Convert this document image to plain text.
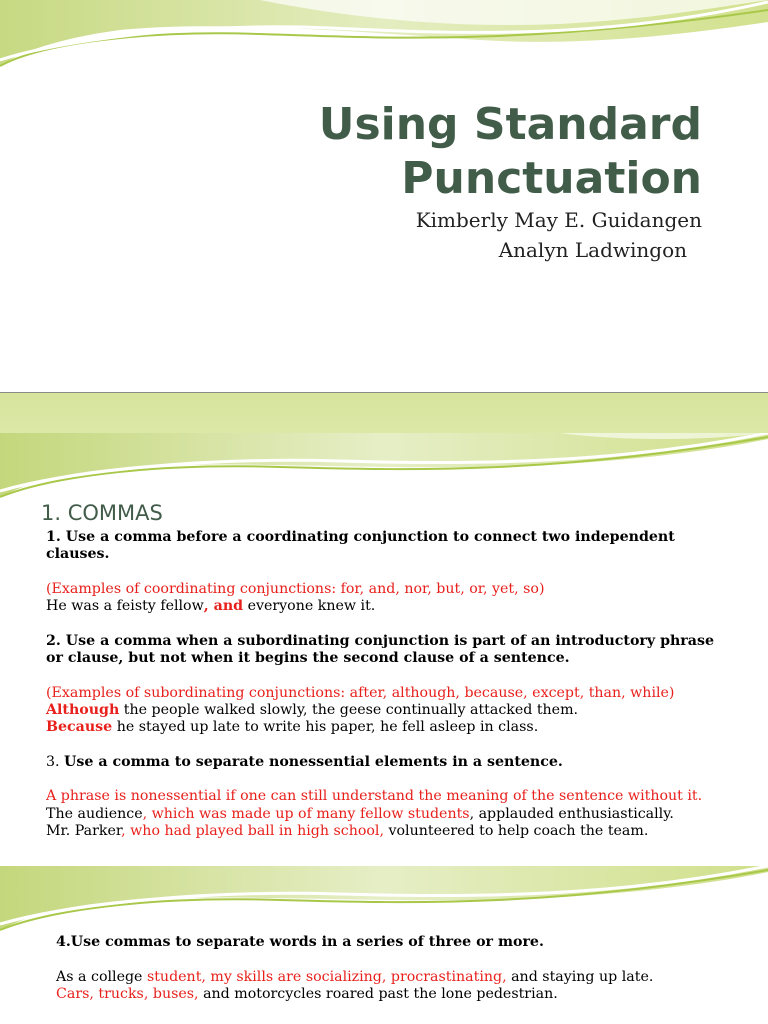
Using Standard
Punctuation
Kimberly May E. Guidangen
Analyn Ladwingon
1. COMMAS

1. Use a comma before a coordinating conjunction to connect two independent clauses.

(Examples of coordinating conjunctions: for, and, nor, but, or, yet, so)

He was a feisty fellow, and everyone knew it.

2. Use a comma when a subordinating conjunction is part of an introductory phrase or clause, but not when it begins the second clause of a sentence.

(Examples of subordinating conjunctions: after, although, because, except, than, while)

Although the people walked slowly, the geese continually attacked them.

Because he stayed up late to write his paper, he fell asleep in class.

3. Use a comma to separate nonessential elements in a sentence.

A phrase is nonessential if one can still understand the meaning of the sentence without it.

The audience, which was made up of many fellow students, applauded enthusiastically.

Mr. Parker, who had played ball in high school, volunteered to help coach the team.

4.Use commas to separate words in a series of three or more.

As a college student, my skills are socializing, procrastinating, and staying up late.

Cars, trucks, buses, and motorcycles roared past the lone pedestrian.
